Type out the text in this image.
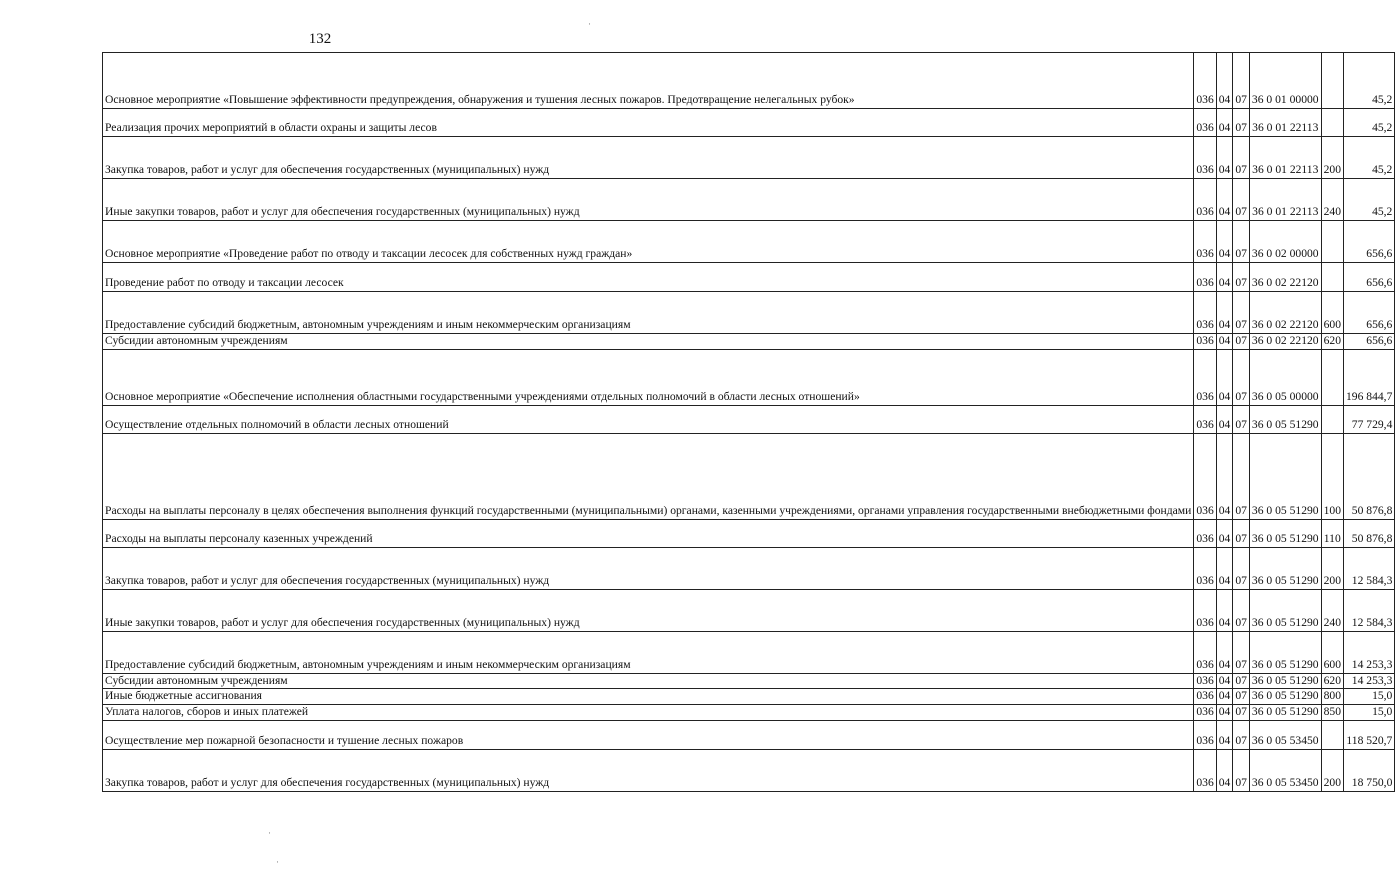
132
Основное мероприятие «Повышение эффективности предупреждения, обнаружения и тушения лесных пожаров. Предотвращение нелегальных рубок»	036	04	07	36 0 01 00000		45,2
Реализация прочих мероприятий в области охраны и защиты лесов	036	04	07	36 0 01 22113		45,2
Закупка товаров, работ и услуг для обеспечения государственных (муниципальных) нужд	036	04	07	36 0 01 22113	200	45,2
Иные закупки товаров, работ и услуг для обеспечения государственных (муниципальных) нужд	036	04	07	36 0 01 22113	240	45,2
Основное мероприятие «Проведение работ по отводу и таксации лесосек для собственных нужд граждан»	036	04	07	36 0 02 00000		656,6
Проведение работ по отводу и таксации лесосек	036	04	07	36 0 02 22120		656,6
Предоставление субсидий бюджетным, автономным учреждениям и иным некоммерческим организациям	036	04	07	36 0 02 22120	600	656,6
Субсидии автономным учреждениям	036	04	07	36 0 02 22120	620	656,6
Основное мероприятие «Обеспечение исполнения областными государственными учреждениями отдельных полномочий в области лесных отношений»	036	04	07	36 0 05 00000		196 844,7
Осуществление отдельных полномочий в области лесных отношений	036	04	07	36 0 05 51290		77 729,4
Расходы на выплаты персоналу в целях обеспечения выполнения функций государственными (муниципальными) органами, казенными учреждениями, органами управления государственными внебюджетными фондами	036	04	07	36 0 05 51290	100	50 876,8
Расходы на выплаты персоналу казенных учреждений	036	04	07	36 0 05 51290	110	50 876,8
Закупка товаров, работ и услуг для обеспечения государственных (муниципальных) нужд	036	04	07	36 0 05 51290	200	12 584,3
Иные закупки товаров, работ и услуг для обеспечения государственных (муниципальных) нужд	036	04	07	36 0 05 51290	240	12 584,3
Предоставление субсидий бюджетным, автономным учреждениям и иным некоммерческим организациям	036	04	07	36 0 05 51290	600	14 253,3
Субсидии автономным учреждениям	036	04	07	36 0 05 51290	620	14 253,3
Иные бюджетные ассигнования	036	04	07	36 0 05 51290	800	15,0
Уплата налогов, сборов и иных платежей	036	04	07	36 0 05 51290	850	15,0
Осуществление мер пожарной безопасности и тушение лесных пожаров	036	04	07	36 0 05 53450		118 520,7
Закупка товаров, работ и услуг для обеспечения государственных (муниципальных) нужд	036	04	07	36 0 05 53450	200	18 750,0
·
·
·
